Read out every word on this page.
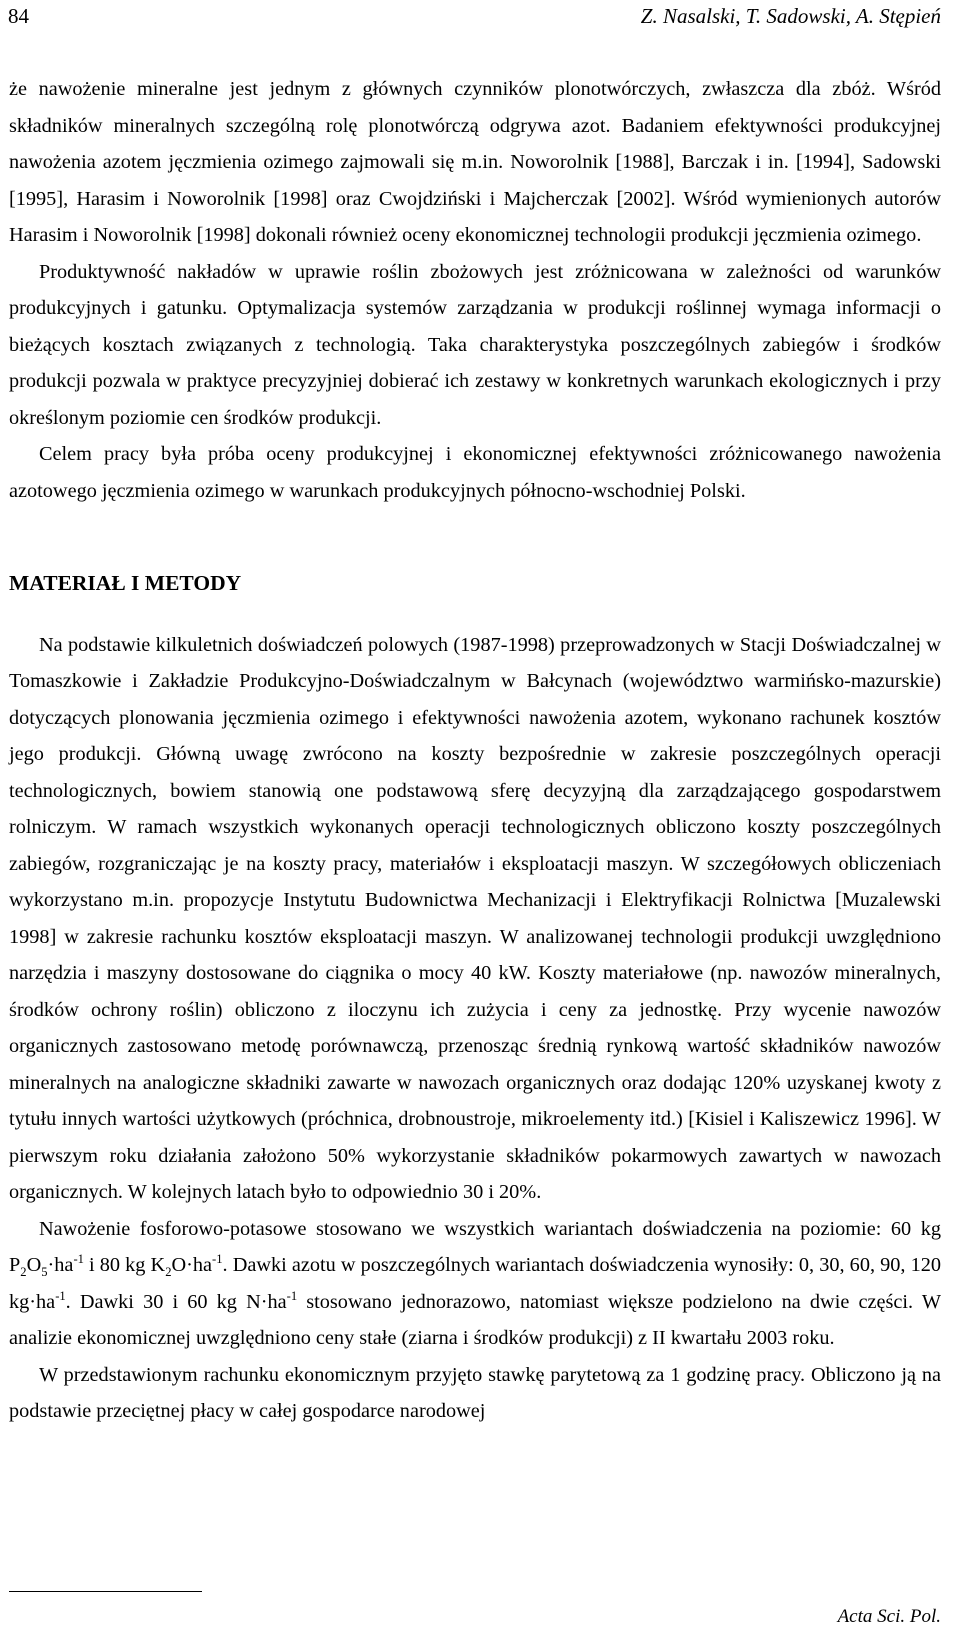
84	Z. Nasalski, T. Sadowski, A. Stępień

że nawożenie mineralne jest jednym z głównych czynników plonotwórczych, zwłaszcza dla zbóż. Wśród składników mineralnych szczególną rolę plonotwórczą odgrywa azot. Badaniem efektywności produkcyjnej nawożenia azotem jęczmienia ozimego zajmowali się m.in. Noworolnik [1988], Barczak i in. [1994], Sadowski [1995], Harasim i Noworolnik [1998] oraz Cwojdziński i Majcherczak [2002]. Wśród wymienionych autorów Harasim i Noworolnik [1998] dokonali również oceny ekonomicznej technologii produkcji jęczmienia ozimego.

Produktywność nakładów w uprawie roślin zbożowych jest zróżnicowana w zależności od warunków produkcyjnych i gatunku. Optymalizacja systemów zarządzania w produkcji roślinnej wymaga informacji o bieżących kosztach związanych z technologią. Taka charakterystyka poszczególnych zabiegów i środków produkcji pozwala w praktyce precyzyjniej dobierać ich zestawy w konkretnych warunkach ekologicznych i przy określonym poziomie cen środków produkcji.

Celem pracy była próba oceny produkcyjnej i ekonomicznej efektywności zróżnicowanego nawożenia azotowego jęczmienia ozimego w warunkach produkcyjnych północno-wschodniej Polski.

MATERIAŁ I METODY

Na podstawie kilkuletnich doświadczeń polowych (1987-1998) przeprowadzonych w Stacji Doświadczalnej w Tomaszkowie i Zakładzie Produkcyjno-Doświadczalnym w Bałcynach (województwo warmińsko-mazurskie) dotyczących plonowania jęczmienia ozimego i efektywności nawożenia azotem, wykonano rachunek kosztów jego produkcji. Główną uwagę zwrócono na koszty bezpośrednie w zakresie poszczególnych operacji technologicznych, bowiem stanowią one podstawową sferę decyzyjną dla zarządzającego gospodarstwem rolniczym. W ramach wszystkich wykonanych operacji technologicznych obliczono koszty poszczególnych zabiegów, rozgraniczając je na koszty pracy, materiałów i eksploatacji maszyn. W szczegółowych obliczeniach wykorzystano m.in. propozycje Instytutu Budownictwa Mechanizacji i Elektryfikacji Rolnictwa [Muzalewski 1998] w zakresie rachunku kosztów eksploatacji maszyn. W analizowanej technologii produkcji uwzględniono narzędzia i maszyny dostosowane do ciągnika o mocy 40 kW. Koszty materiałowe (np. nawozów mineralnych, środków ochrony roślin) obliczono z iloczynu ich zużycia i ceny za jednostkę. Przy wycenie nawozów organicznych zastosowano metodę porównawczą, przenosząc średnią rynkową wartość składników nawozów mineralnych na analogiczne składniki zawarte w nawozach organicznych oraz dodając 120% uzyskanej kwoty z tytułu innych wartości użytkowych (próchnica, drobnoustroje, mikroelementy itd.) [Kisiel i Kaliszewicz 1996]. W pierwszym roku działania założono 50% wykorzystanie składników pokarmowych zawartych w nawozach organicznych. W kolejnych latach było to odpowiednio 30 i 20%.

Nawożenie fosforowo-potasowe stosowano we wszystkich wariantach doświadczenia na poziomie: 60 kg $P_2O_5\cdot ha^{-1}$ i 80 kg $K_2O\cdot ha^{-1}$. Dawki azotu w poszczególnych wariantach doświadczenia wynosiły: 0, 30, 60, 90, 120 $kg\cdot ha^{-1}$. Dawki 30 i 60 kg $N\cdot ha^{-1}$ stosowano jednorazowo, natomiast większe podzielono na dwie części. W analizie ekonomicznej uwzględniono ceny stałe (ziarna i środków produkcji) z II kwartału 2003 roku.

W przedstawionym rachunku ekonomicznym przyjęto stawkę parytetową za 1 godzinę pracy. Obliczono ją na podstawie przeciętnej płacy w całej gospodarce narodowej

Acta Sci. Pol.
